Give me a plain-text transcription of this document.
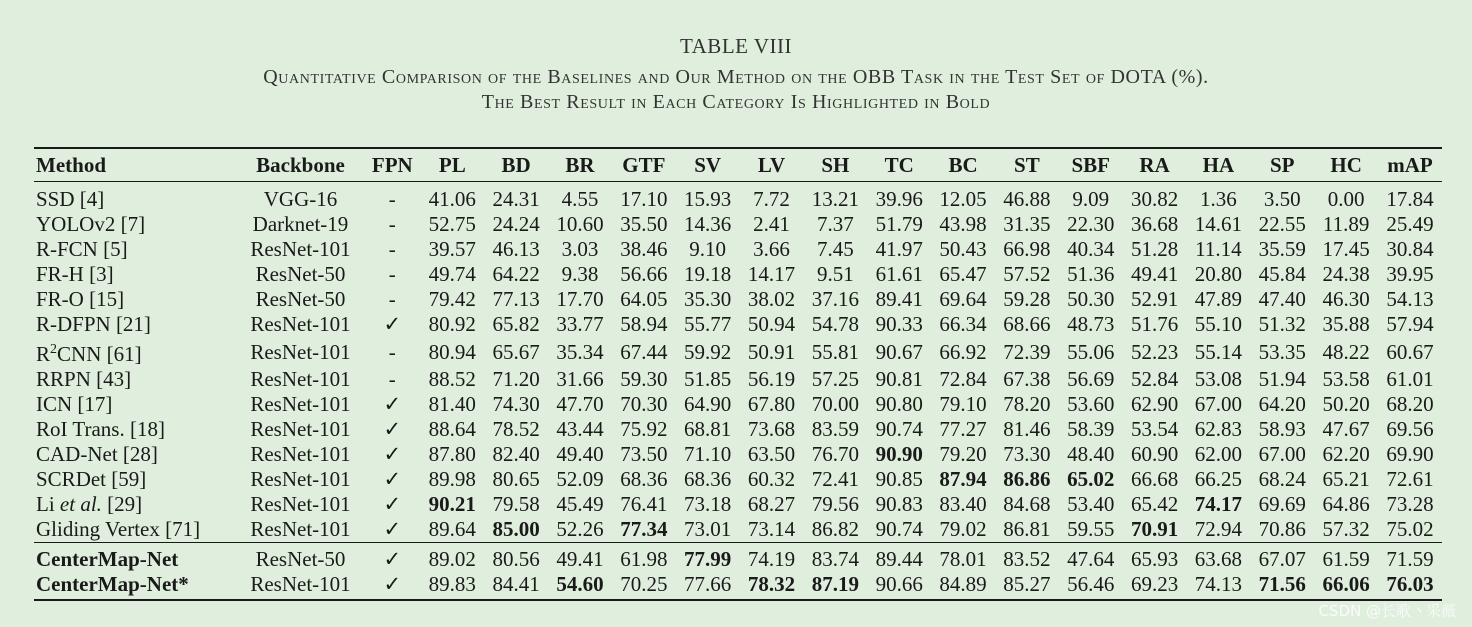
TABLE VIII
Quantitative Comparison of the Baselines and Our Method on the OBB Task in the Test Set of DOTA (%).
The Best Result in Each Category Is Highlighted in Bold
Method	Backbone	FPN	PL	BD	BR	GTF	SV	LV	SH	TC	BC	ST	SBF	RA	HA	SP	HC	mAP
SSD [4]	VGG-16	-	41.06	24.31	4.55	17.10	15.93	7.72	13.21	39.96	12.05	46.88	9.09	30.82	1.36	3.50	0.00	17.84
YOLOv2 [7]	Darknet-19	-	52.75	24.24	10.60	35.50	14.36	2.41	7.37	51.79	43.98	31.35	22.30	36.68	14.61	22.55	11.89	25.49
R-FCN [5]	ResNet-101	-	39.57	46.13	3.03	38.46	9.10	3.66	7.45	41.97	50.43	66.98	40.34	51.28	11.14	35.59	17.45	30.84
FR-H [3]	ResNet-50	-	49.74	64.22	9.38	56.66	19.18	14.17	9.51	61.61	65.47	57.52	51.36	49.41	20.80	45.84	24.38	39.95
FR-O [15]	ResNet-50	-	79.42	77.13	17.70	64.05	35.30	38.02	37.16	89.41	69.64	59.28	50.30	52.91	47.89	47.40	46.30	54.13
R-DFPN [21]	ResNet-101	✓	80.92	65.82	33.77	58.94	55.77	50.94	54.78	90.33	66.34	68.66	48.73	51.76	55.10	51.32	35.88	57.94
$R^2CNN$ [61]	ResNet-101	-	80.94	65.67	35.34	67.44	59.92	50.91	55.81	90.67	66.92	72.39	55.06	52.23	55.14	53.35	48.22	60.67
RRPN [43]	ResNet-101	-	88.52	71.20	31.66	59.30	51.85	56.19	57.25	90.81	72.84	67.38	56.69	52.84	53.08	51.94	53.58	61.01
ICN [17]	ResNet-101	✓	81.40	74.30	47.70	70.30	64.90	67.80	70.00	90.80	79.10	78.20	53.60	62.90	67.00	64.20	50.20	68.20
RoI Trans. [18]	ResNet-101	✓	88.64	78.52	43.44	75.92	68.81	73.68	83.59	90.74	77.27	81.46	58.39	53.54	62.83	58.93	47.67	69.56
CAD-Net [28]	ResNet-101	✓	87.80	82.40	49.40	73.50	71.10	63.50	76.70	90.90	79.20	73.30	48.40	60.90	62.00	67.00	62.20	69.90
SCRDet [59]	ResNet-101	✓	89.98	80.65	52.09	68.36	68.36	60.32	72.41	90.85	87.94	86.86	65.02	66.68	66.25	68.24	65.21	72.61
Li et al. [29]	ResNet-101	✓	90.21	79.58	45.49	76.41	73.18	68.27	79.56	90.83	83.40	84.68	53.40	65.42	74.17	69.69	64.86	73.28
Gliding Vertex [71]	ResNet-101	✓	89.64	85.00	52.26	77.34	73.01	73.14	86.82	90.74	79.02	86.81	59.55	70.91	72.94	70.86	57.32	75.02
CenterMap-Net	ResNet-50	✓	89.02	80.56	49.41	61.98	77.99	74.19	83.74	89.44	78.01	83.52	47.64	65.93	63.68	67.07	61.59	71.59
CenterMap-Net*	ResNet-101	✓	89.83	84.41	54.60	70.25	77.66	78.32	87.19	90.66	84.89	85.27	56.46	69.23	74.13	71.56	66.06	76.03
CSDN @长歌丶采薇
